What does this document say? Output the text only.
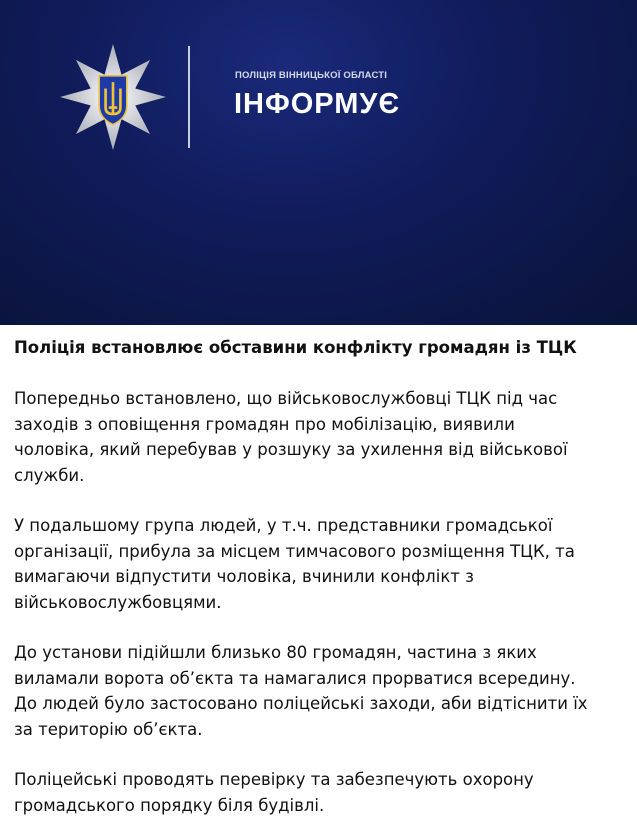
ПОЛІЦІЯ ВІННИЦЬКОЇ ОБЛАСТІ
ІНФОРМУЄ
Поліція встановлює обставини конфлікту громадян із ТЦК
Попередньо встановлено, що військовослужбовці ТЦК під час
заходів з оповіщення громадян про мобілізацію, виявили
чоловіка, який перебував у розшуку за ухилення від військової
служби.
У подальшому група людей, у т.ч. представники громадської
організації, прибула за місцем тимчасового розміщення ТЦК, та
вимагаючи відпустити чоловіка, вчинили конфлікт з
військовослужбовцями.
До установи підійшли близько 80 громадян, частина з яких
виламали ворота об’єкта та намагалися прорватися всередину.
До людей було застосовано поліцейські заходи, аби відтіснити їх
за територію об’єкта.
Поліцейські проводять перевірку та забезпечують охорону
громадського порядку біля будівлі.
